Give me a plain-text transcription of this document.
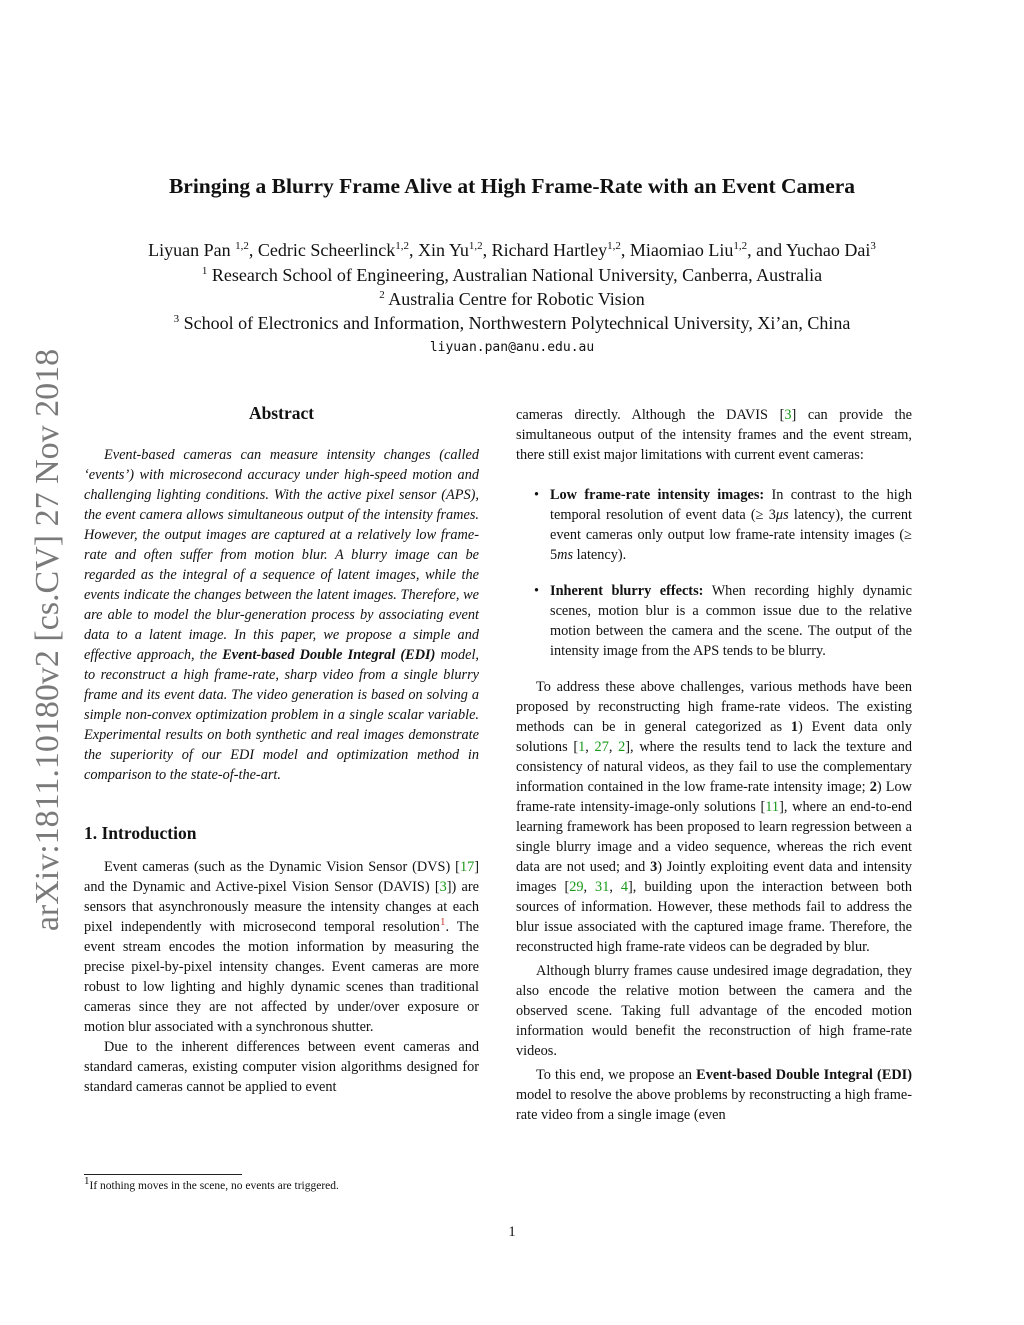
arXiv:1811.10180v2 [cs.CV] 27 Nov 2018
Bringing a Blurry Frame Alive at High Frame-Rate with an Event Camera
Liyuan Pan $^{1,2}$, Cedric Scheerlinck$^{1,2}$, Xin Yu$^{1,2}$, Richard Hartley$^{1,2}$, Miaomiao Liu$^{1,2}$, and Yuchao Dai$^3$
$^1$ Research School of Engineering, Australian National University, Canberra, Australia
$^2$ Australia Centre for Robotic Vision
$^3$ School of Electronics and Information, Northwestern Polytechnical University, Xi’an, China
liyuan.pan@anu.edu.au
Abstract

Event-based cameras can measure intensity changes (called ‘events’) with microsecond accuracy under high-speed motion and challenging lighting conditions. With the active pixel sensor (APS), the event camera allows simultaneous output of the intensity frames. However, the output images are captured at a relatively low frame-rate and often suffer from motion blur. A blurry image can be regarded as the integral of a sequence of latent images, while the events indicate the changes between the latent images. Therefore, we are able to model the blur-generation process by associating event data to a latent image. In this paper, we propose a simple and effective approach, the Event-based Double Integral (EDI) model, to reconstruct a high frame-rate, sharp video from a single blurry frame and its event data. The video generation is based on solving a simple non-convex optimization problem in a single scalar variable. Experimental results on both synthetic and real images demonstrate the superiority of our EDI model and optimization method in comparison to the state-of-the-art.

1. Introduction

Event cameras (such as the Dynamic Vision Sensor (DVS) [17] and the Dynamic and Active-pixel Vision Sensor (DAVIS) [3]) are sensors that asynchronously measure the intensity changes at each pixel independently with microsecond temporal resolution$^1$. The event stream encodes the motion information by measuring the precise pixel-by-pixel intensity changes. Event cameras are more robust to low lighting and highly dynamic scenes than traditional cameras since they are not affected by under/over exposure or motion blur associated with a synchronous shutter.

Due to the inherent differences between event cameras and standard cameras, existing computer vision algorithms designed for standard cameras cannot be applied to event

$^1$If nothing moves in the scene, no events are triggered.

cameras directly. Although the DAVIS [3] can provide the simultaneous output of the intensity frames and the event stream, there still exist major limitations with current event cameras:

• Low frame-rate intensity images: In contrast to the high temporal resolution of event data (≥ 3μs latency), the current event cameras only output low frame-rate intensity images (≥ 5ms latency).
• Inherent blurry effects: When recording highly dynamic scenes, motion blur is a common issue due to the relative motion between the camera and the scene. The output of the intensity image from the APS tends to be blurry.

To address these above challenges, various methods have been proposed by reconstructing high frame-rate videos. The existing methods can be in general categorized as 1) Event data only solutions [1, 27, 2], where the results tend to lack the texture and consistency of natural videos, as they fail to use the complementary information contained in the low frame-rate intensity image; 2) Low frame-rate intensity-image-only solutions [11], where an end-to-end learning framework has been proposed to learn regression between a single blurry image and a video sequence, whereas the rich event data are not used; and 3) Jointly exploiting event data and intensity images [29, 31, 4], building upon the interaction between both sources of information. However, these methods fail to address the blur issue associated with the captured image frame. Therefore, the reconstructed high frame-rate videos can be degraded by blur.

Although blurry frames cause undesired image degradation, they also encode the relative motion between the camera and the observed scene. Taking full advantage of the encoded motion information would benefit the reconstruction of high frame-rate videos.

To this end, we propose an Event-based Double Integral (EDI) model to resolve the above problems by reconstructing a high frame-rate video from a single image (even

1
